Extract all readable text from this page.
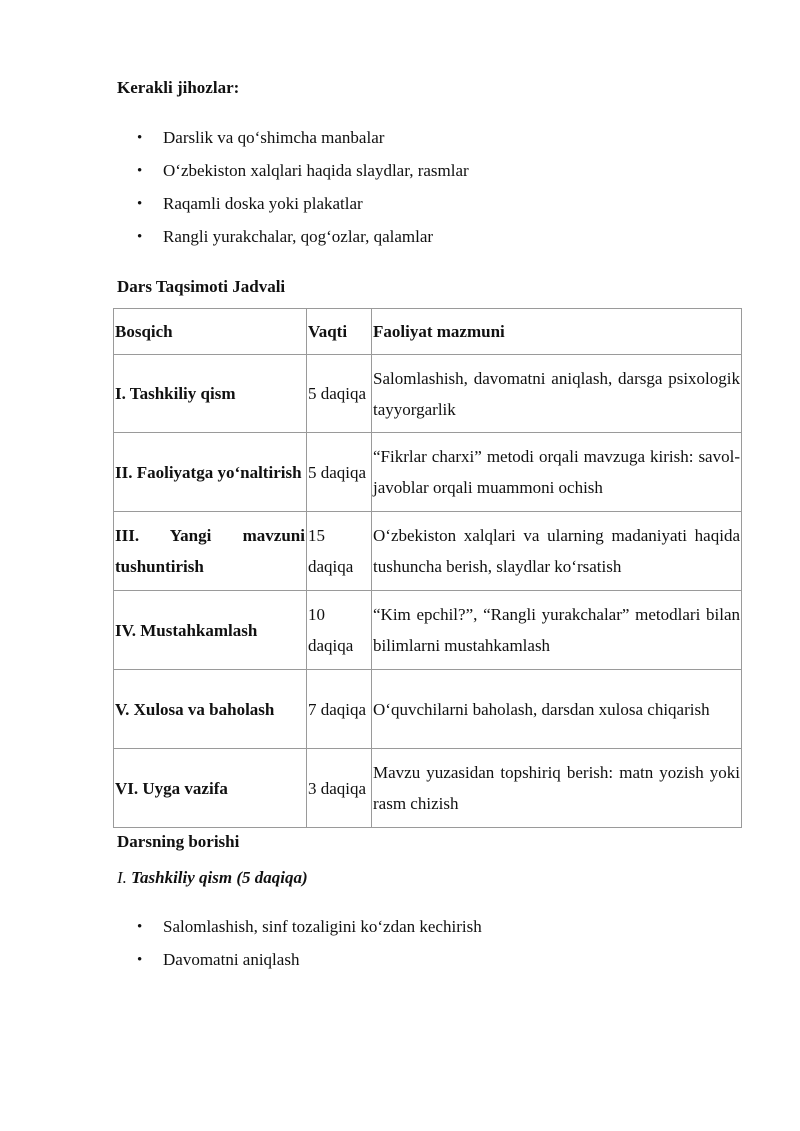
Kerakli jihozlar:
• Darslik va qo‘shimcha manbalar
• O‘zbekiston xalqlari haqida slaydlar, rasmlar
• Raqamli doska yoki plakatlar
• Rangli yurakchalar, qog‘ozlar, qalamlar
Dars Taqsimoti Jadvali
Bosqich	Vaqti	Faoliyat mazmuni
I. Tashkiliy qism	5 daqiqa	Salomlashish, davomatni aniqlash, darsga psixologik tayyorgarlik
II. Faoliyatga yo‘naltirish	5 daqiqa	“Fikrlar charxi” metodi orqali mavzuga kirish: savol-javoblar orqali muammoni ochish
III. Yangi mavzuni tushuntirish	15 daqiqa	O‘zbekiston xalqlari va ularning madaniyati haqida tushuncha berish, slaydlar ko‘rsatish
IV. Mustahkamlash	10 daqiqa	“Kim epchil?”, “Rangli yurakchalar” metodlari bilan bilimlarni mustahkamlash
V. Xulosa va baholash	7 daqiqa	O‘quvchilarni baholash, darsdan xulosa chiqarish
VI. Uyga vazifa	3 daqiqa	Mavzu yuzasidan topshiriq berish: matn yozish yoki rasm chizish
Darsning borishi

I. Tashkiliy qism (5 daqiqa)

• Salomlashish, sinf tozaligini ko‘zdan kechirish
• Davomatni aniqlash
